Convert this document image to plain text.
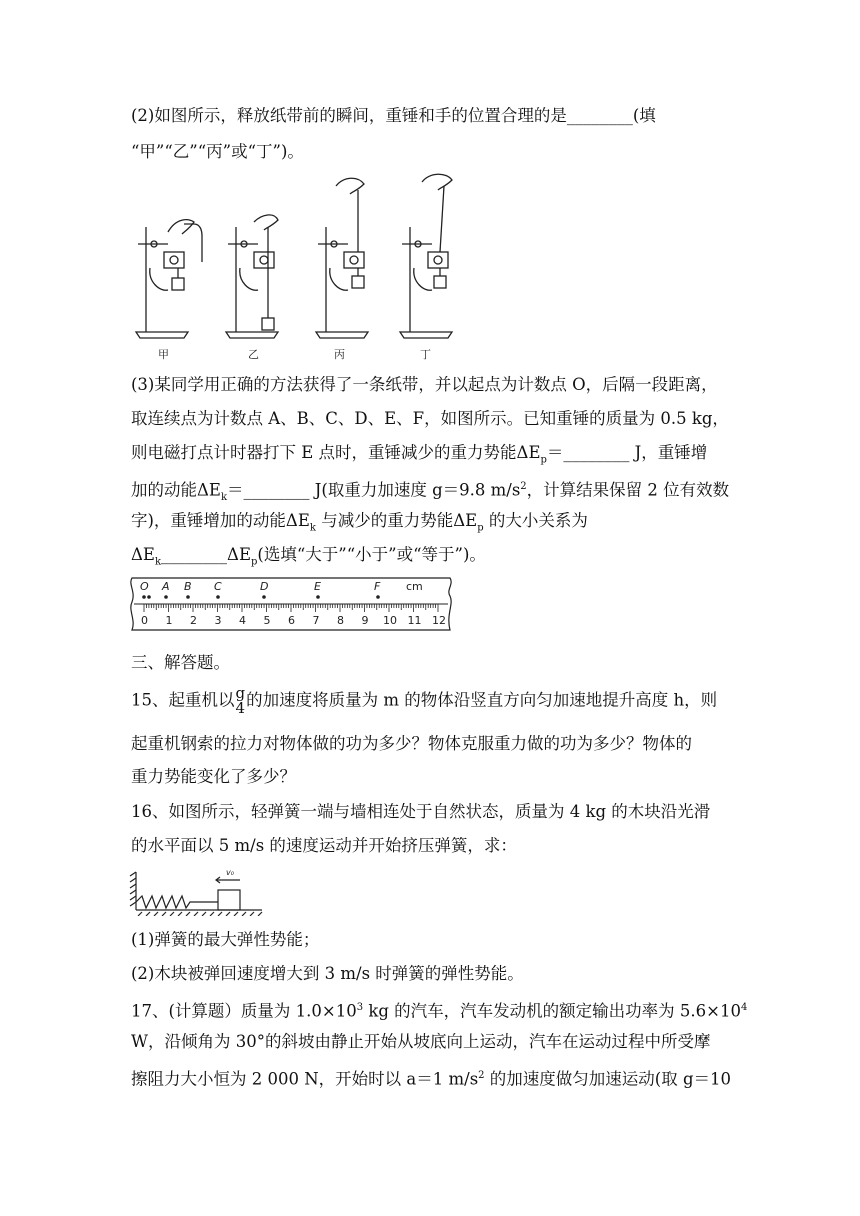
(2)如图所示，释放纸带前的瞬间，重锤和手的位置合理的是________(填
“甲”“乙”“丙”或“丁”)。
甲	乙	丙	丁
(3)某同学用正确的方法获得了一条纸带，并以起点为计数点 O，后隔一段距离，
取连续点为计数点 A、B、C、D、E、F，如图所示。已知重锤的质量为 0.5 kg，
则电磁打点计时器打下 E 点时，重锤减少的重力势能$\Delta E_p=\_\_\_\_\_\_\_\_$ J，重锤增
加的动能$\Delta E_k=\_\_\_\_\_\_\_\_$ J(取重力加速度 g＝9.8 $m/s^2$，计算结果保留 2 位有效数
字)，重锤增加的动能$\Delta E_k$ 与减少的重力势能$\Delta E_p$ 的大小关系为
$\Delta E_k\_\_\_\_\_\_\_\_\Delta E_p$(选填“大于”“小于”或“等于”)。
0 1 2 3 4 5 6 7 8 9 10 11 12
O A B C	D	E	F cm
三、解答题。
15、起重机以 g
4 的加速度将质量为 m 的物体沿竖直方向匀加速地提升高度 h，则
起重机钢索的拉力对物体做的功为多少？物体克服重力做的功为多少？物体的
重力势能变化了多少？
16、如图所示，轻弹簧一端与墙相连处于自然状态，质量为 4 kg 的木块沿光滑
的水平面以 5 m/s 的速度运动并开始挤压弹簧，求：
v₀
(1)弹簧的最大弹性势能；
(2)木块被弹回速度增大到 3 m/s 时弹簧的弹性势能。
17、(计算题）质量为 $1.0\times 10^3$ kg 的汽车，汽车发动机的额定输出功率为 $5.6\times 10^4$
W，沿倾角为 30°的斜坡由静止开始从坡底向上运动，汽车在运动过程中所受摩
擦阻力大小恒为 2 000 N，开始时以 a＝1 $m/s^2$ 的加速度做匀加速运动(取 g＝10
